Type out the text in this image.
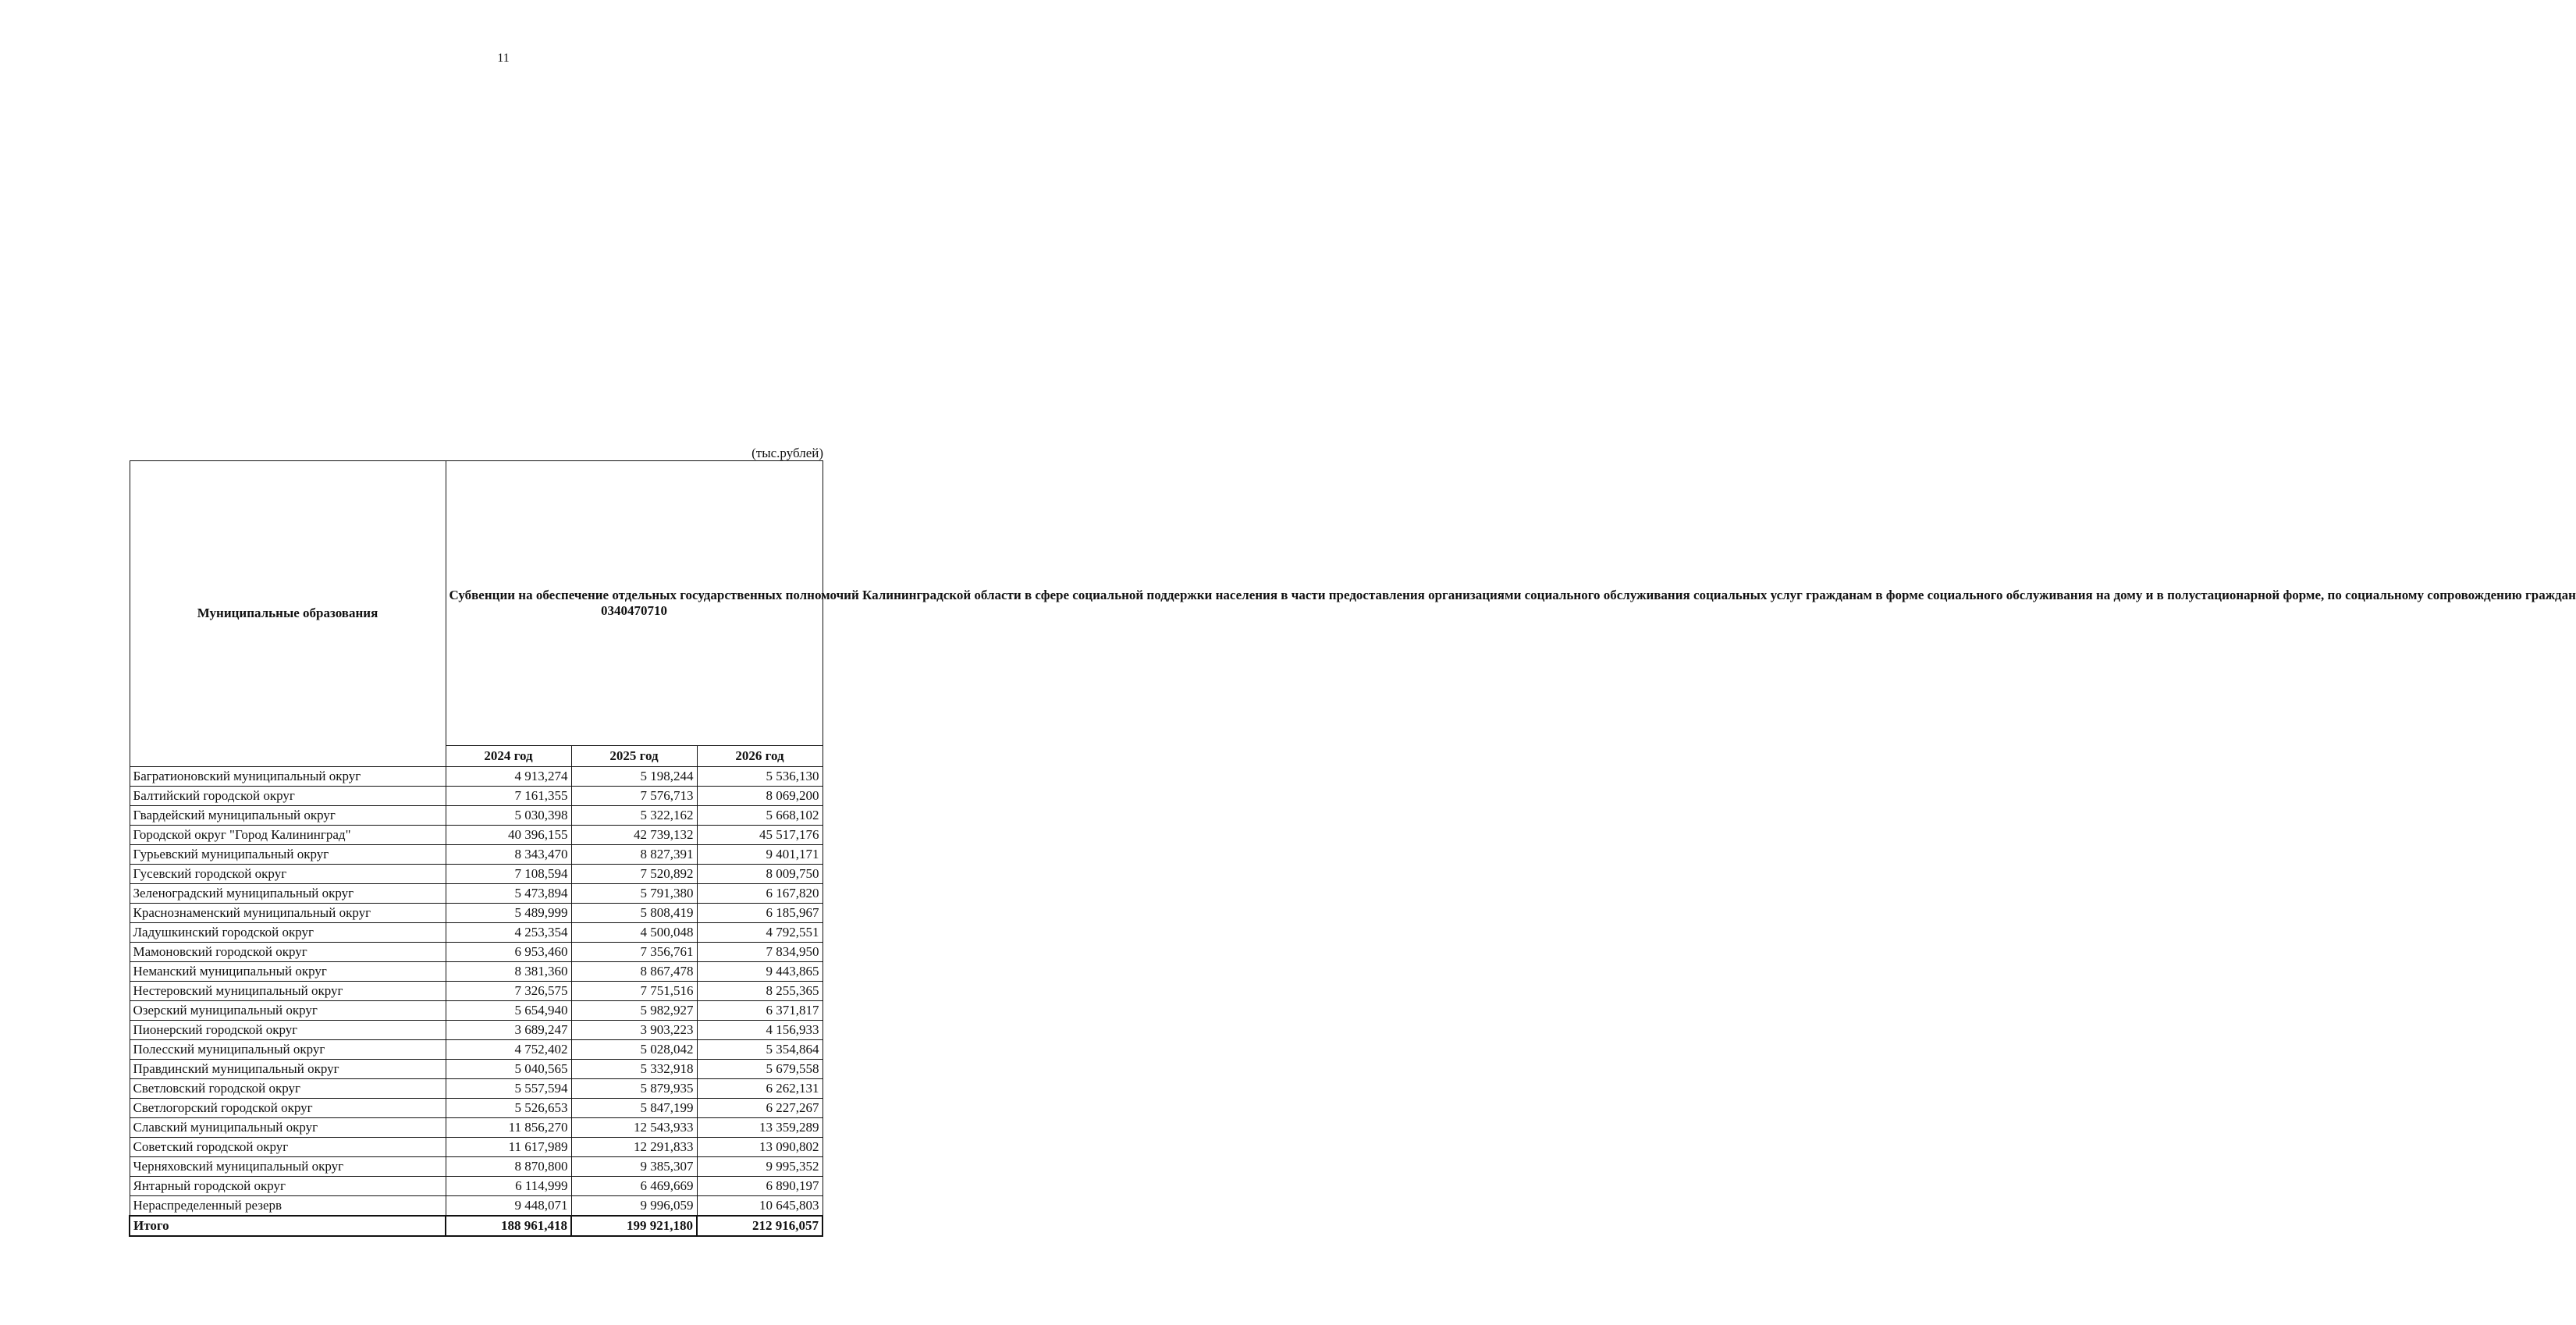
11
(тыс.рублей)
Муниципальные образования	Субвенции на обеспечение отдельных государственных полномочий Калининградской области в сфере социальной поддержки населения в части предоставления организациями социального обслуживания социальных услуг гражданам в форме социального обслуживания на дому и в полустационарной форме, по социальному сопровождению граждан
0340470710		
	2024 год	2025 год	2026 год
Багратионовский муниципальный округ	4 913,274	5 198,244	5 536,130
Балтийский городской округ	7 161,355	7 576,713	8 069,200
Гвардейский муниципальный округ	5 030,398	5 322,162	5 668,102
Городской округ "Город Калининград"	40 396,155	42 739,132	45 517,176
Гурьевский муниципальный округ	8 343,470	8 827,391	9 401,171
Гусевский городской округ	7 108,594	7 520,892	8 009,750
Зеленоградский муниципальный округ	5 473,894	5 791,380	6 167,820
Краснознаменский муниципальный округ	5 489,999	5 808,419	6 185,967
Ладушкинский городской округ	4 253,354	4 500,048	4 792,551
Мамоновский городской округ	6 953,460	7 356,761	7 834,950
Неманский муниципальный округ	8 381,360	8 867,478	9 443,865
Нестеровский муниципальный округ	7 326,575	7 751,516	8 255,365
Озерский муниципальный округ	5 654,940	5 982,927	6 371,817
Пионерский городской округ	3 689,247	3 903,223	4 156,933
Полесский муниципальный округ	4 752,402	5 028,042	5 354,864
Правдинский муниципальный округ	5 040,565	5 332,918	5 679,558
Светловский городской округ	5 557,594	5 879,935	6 262,131
Светлогорский городской округ	5 526,653	5 847,199	6 227,267
Славский муниципальный округ	11 856,270	12 543,933	13 359,289
Советский городской округ	11 617,989	12 291,833	13 090,802
Черняховский муниципальный округ	8 870,800	9 385,307	9 995,352
Янтарный городской округ	6 114,999	6 469,669	6 890,197
Нераспределенный резерв	9 448,071	9 996,059	10 645,803
Итого	188 961,418	199 921,180	212 916,057
